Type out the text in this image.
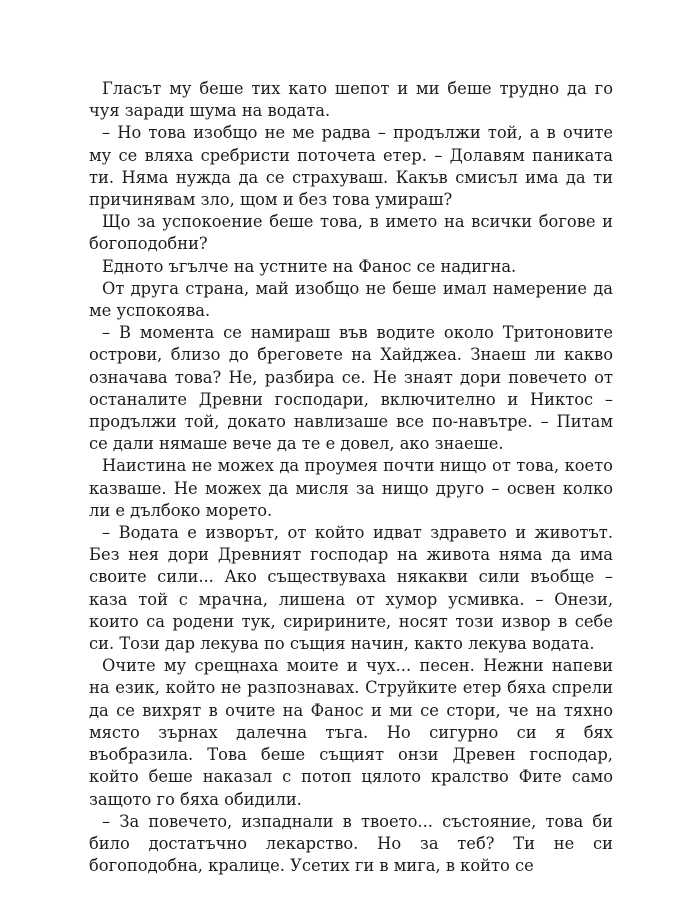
Гласът му беше тих като шепот и ми беше трудно да го чуя заради шума на водата.

– Но това изобщо не ме радва – продължи той, а в очите му се вляха сребристи поточета етер. – Долавям паниката ти. Няма нужда да се страхуваш. Какъв смисъл има да ти причинявам зло, щом и без това умираш?

Що за успокоение беше това, в името на всички богове и богоподобни?

Едното ъгълче на устните на Фанос се надигна.

От друга страна, май изобщо не беше имал намерение да ме успокоява.

– В момента се намираш във водите около Тритоновите острови, близо до бреговете на Хайджеа. Знаеш ли какво означава това? Не, разбира се. Не знаят дори повечето от останалите Древни господари, включително и Никтос – продължи той, докато навлизаше все по-навътре. – Питам се дали нямаше вече да те е довел, ако знаеше.

Наистина не можех да проумея почти нищо от това, което казваше. Не можех да мисля за нищо друго – освен колко ли е дълбоко морето.

– Водата е изворът, от който идват здравето и животът. Без нея дори Древният господар на живота няма да има своите сили... Ако съществуваха някакви сили въобще – каза той с мрачна, лишена от хумор усмивка. – Онези, които са родени тук, сиририните, носят този извор в себе си. Този дар лекува по същия начин, както лекува водата.

Очите му срещнаха моите и чух... песен. Нежни напеви на език, който не разпознавах. Струйките етер бяха спрели да се вихрят в очите на Фанос и ми се стори, че на тяхно място зърнах далечна тъга. Но сигурно си я бях въобразила. Това беше същият онзи Древен господар, който беше наказал с потоп цялото кралство Фите само защото го бяха обидили.

– За повечето, изпаднали в твоето... състояние, това би било достатъчно лекарство. Но за теб? Ти не си богоподобна, кралице. Усетих ги в мига, в който се
